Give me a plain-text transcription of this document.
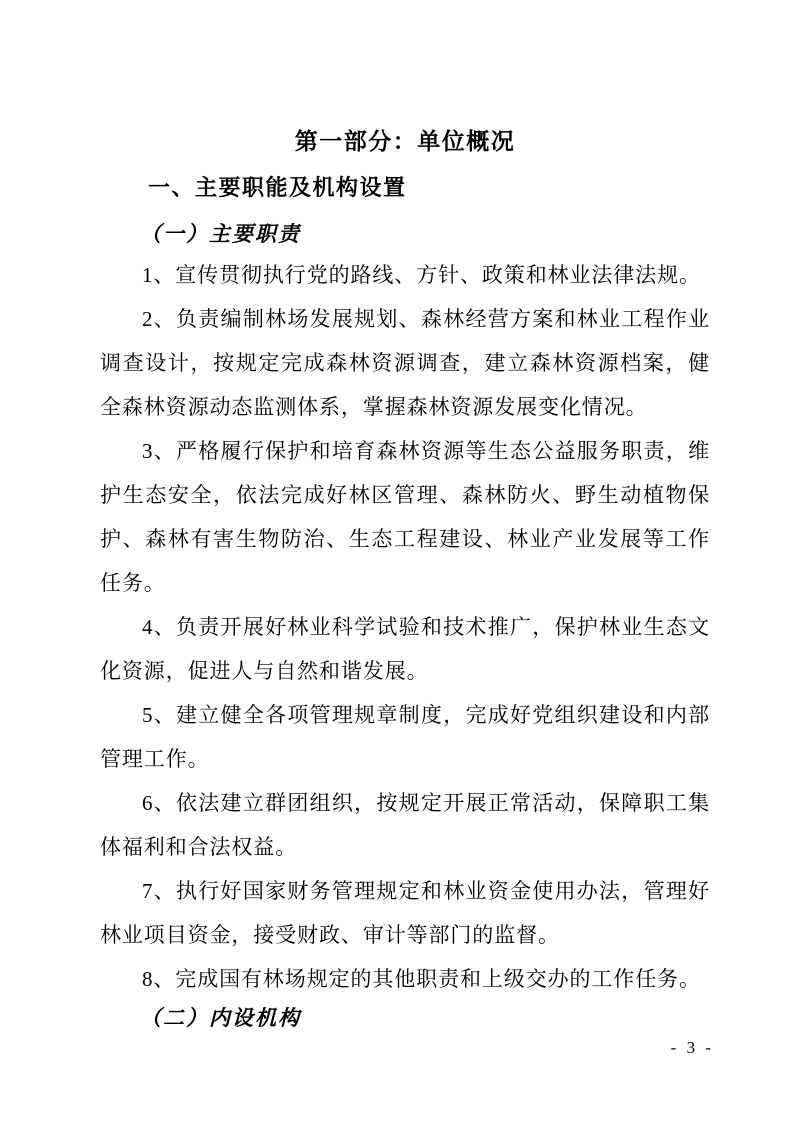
第一部分：单位概况
一、主要职能及机构设置
（一）主要职责

1、宣传贯彻执行党的路线、方针、政策和林业法律法规。

2、负责编制林场发展规划、森林经营方案和林业工程作业调查设计，按规定完成森林资源调查，建立森林资源档案，健全森林资源动态监测体系，掌握森林资源发展变化情况。

3、严格履行保护和培育森林资源等生态公益服务职责，维护生态安全，依法完成好林区管理、森林防火、野生动植物保护、森林有害生物防治、生态工程建设、林业产业发展等工作任务。

4、负责开展好林业科学试验和技术推广，保护林业生态文化资源，促进人与自然和谐发展。

5、建立健全各项管理规章制度，完成好党组织建设和内部管理工作。

6、依法建立群团组织，按规定开展正常活动，保障职工集体福利和合法权益。

7、执行好国家财务管理规定和林业资金使用办法，管理好林业项目资金，接受财政、审计等部门的监督。

8、完成国有林场规定的其他职责和上级交办的工作任务。

（二）内设机构
- 3 -
